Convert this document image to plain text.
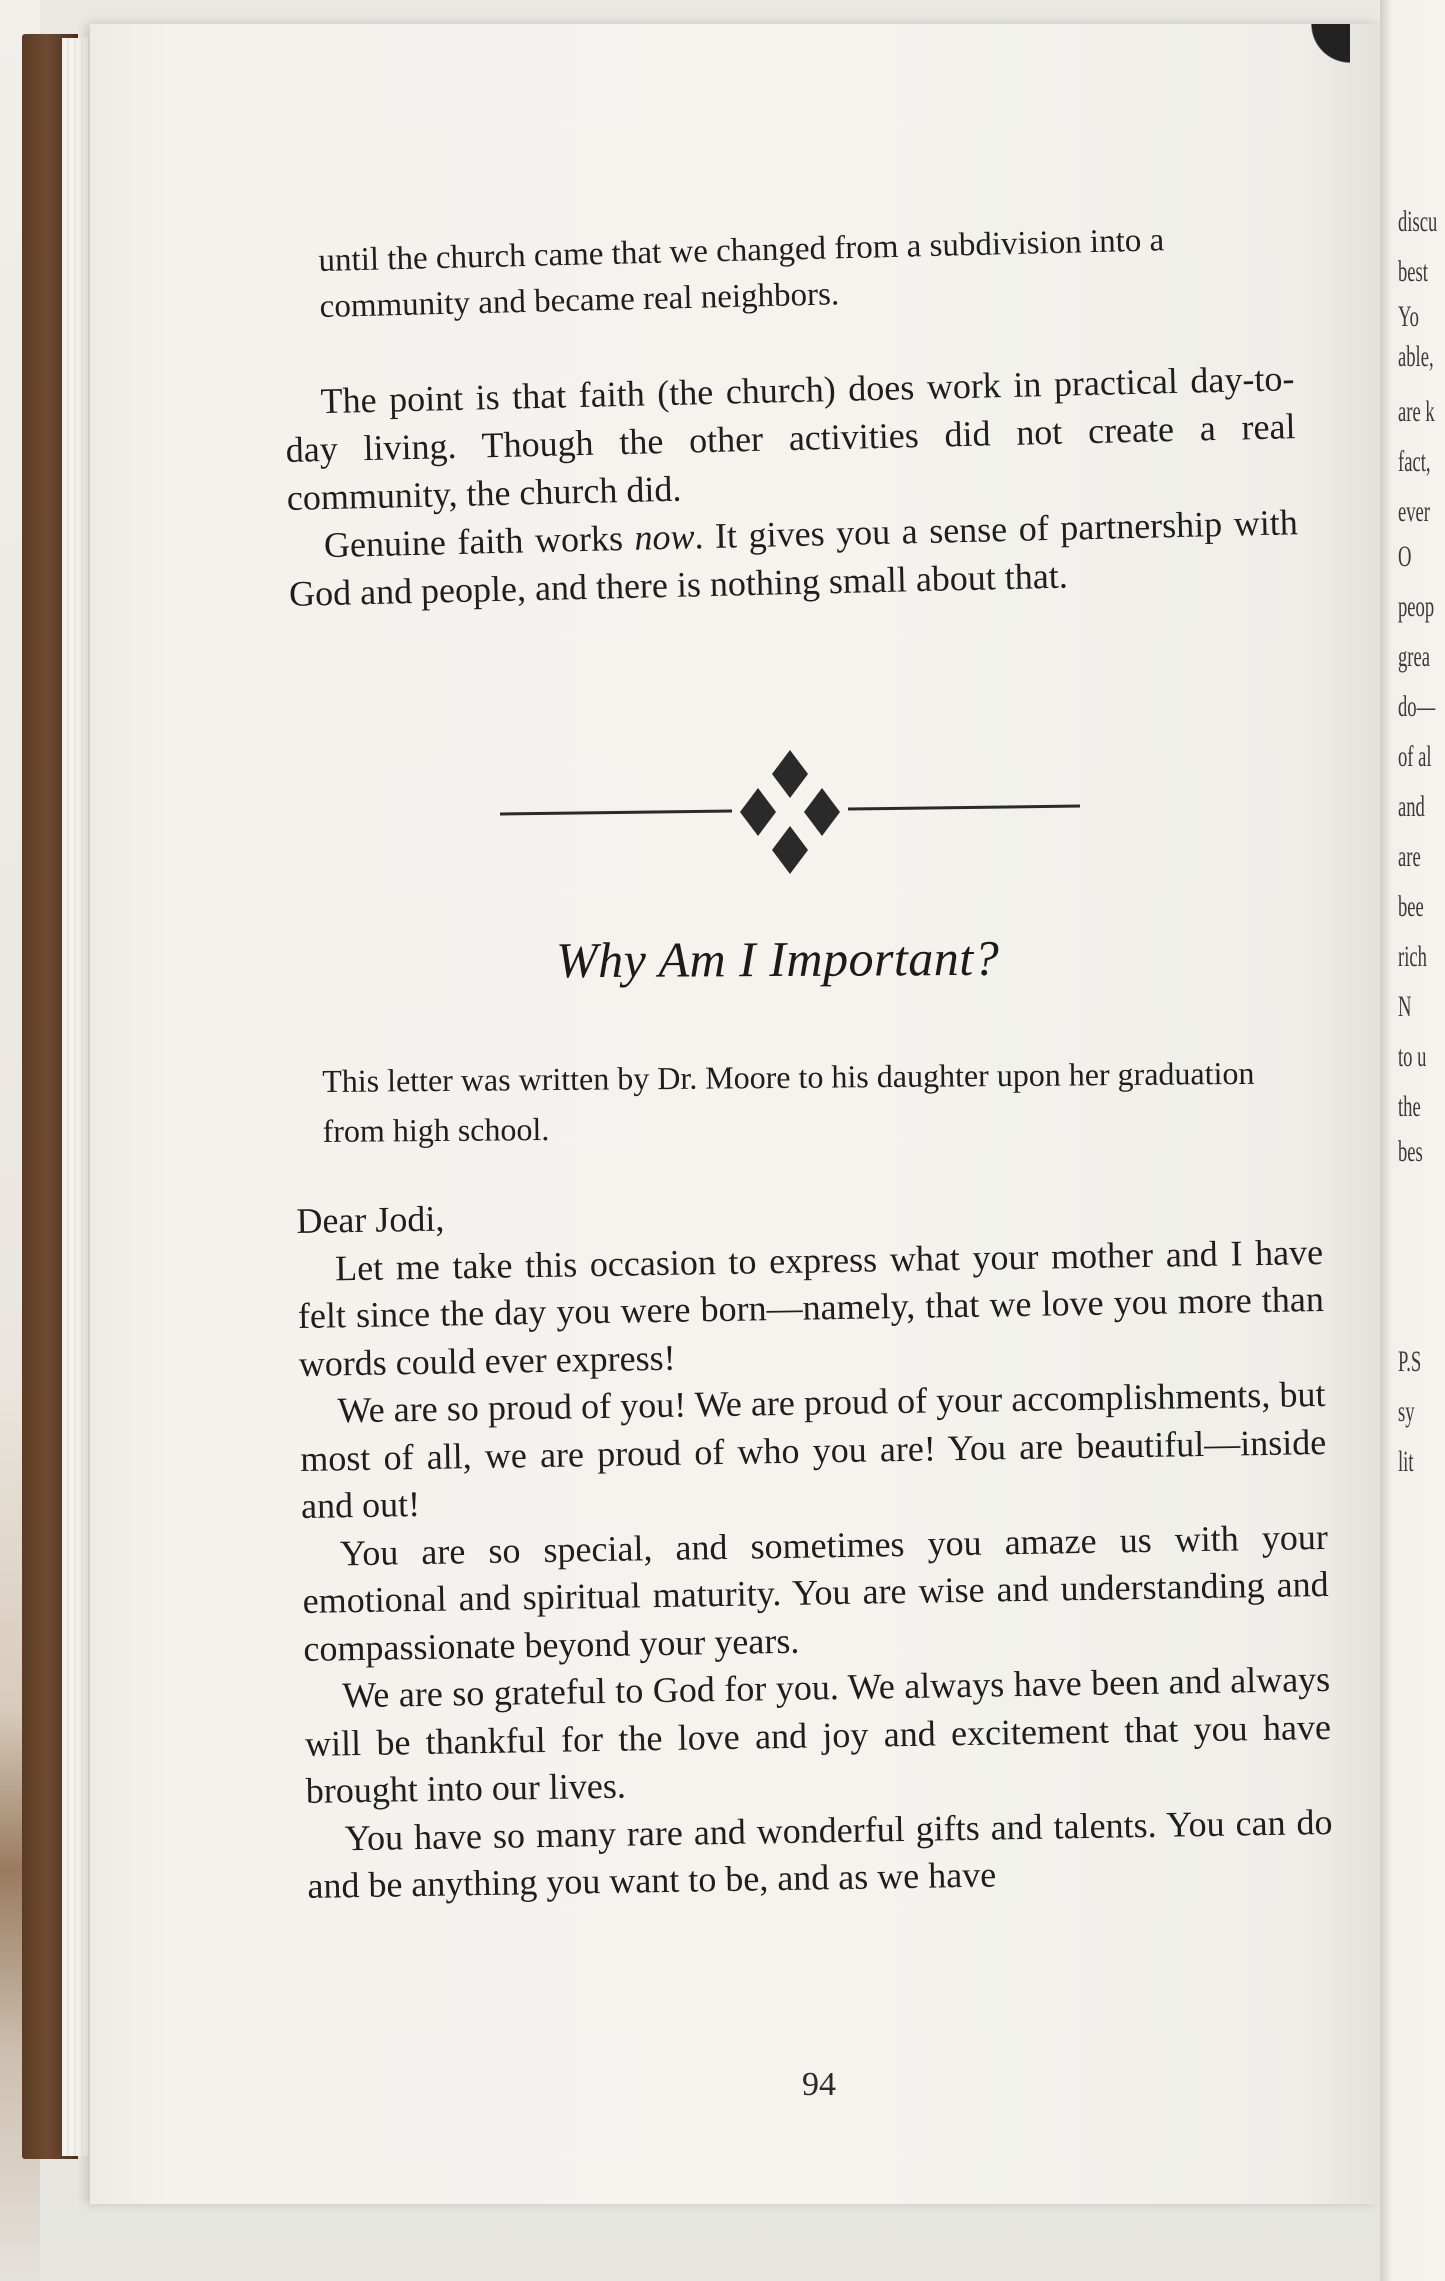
discu
best
Yo
able,
are k
fact,
ever
O
peop
grea
do—
of al
and
are
bee
rich
N
to u
the
bes
P.S
sy
lit
until the church came that we changed from a subdivision into a community and became real neighbors.

The point is that faith (the church) does work in practical day-to-day living. Though the other activities did not create a real community, the church did.

Genuine faith works now. It gives you a sense of partnership with God and people, and there is nothing small about that.

Why Am I Important?
This letter was written by Dr. Moore to his daughter upon her graduation from high school.

Dear Jodi,

Let me take this occasion to express what your mother and I have felt since the day you were born—namely, that we love you more than words could ever express!

We are so proud of you! We are proud of your accomplishments, but most of all, we are proud of who you are! You are beautiful—inside and out!

You are so special, and sometimes you amaze us with your emotional and spiritual maturity. You are wise and understanding and compassionate beyond your years.

We are so grateful to God for you. We always have been and always will be thankful for the love and joy and excitement that you have brought into our lives.

You have so many rare and wonderful gifts and talents. You can do and be anything you want to be, and as we have

94
